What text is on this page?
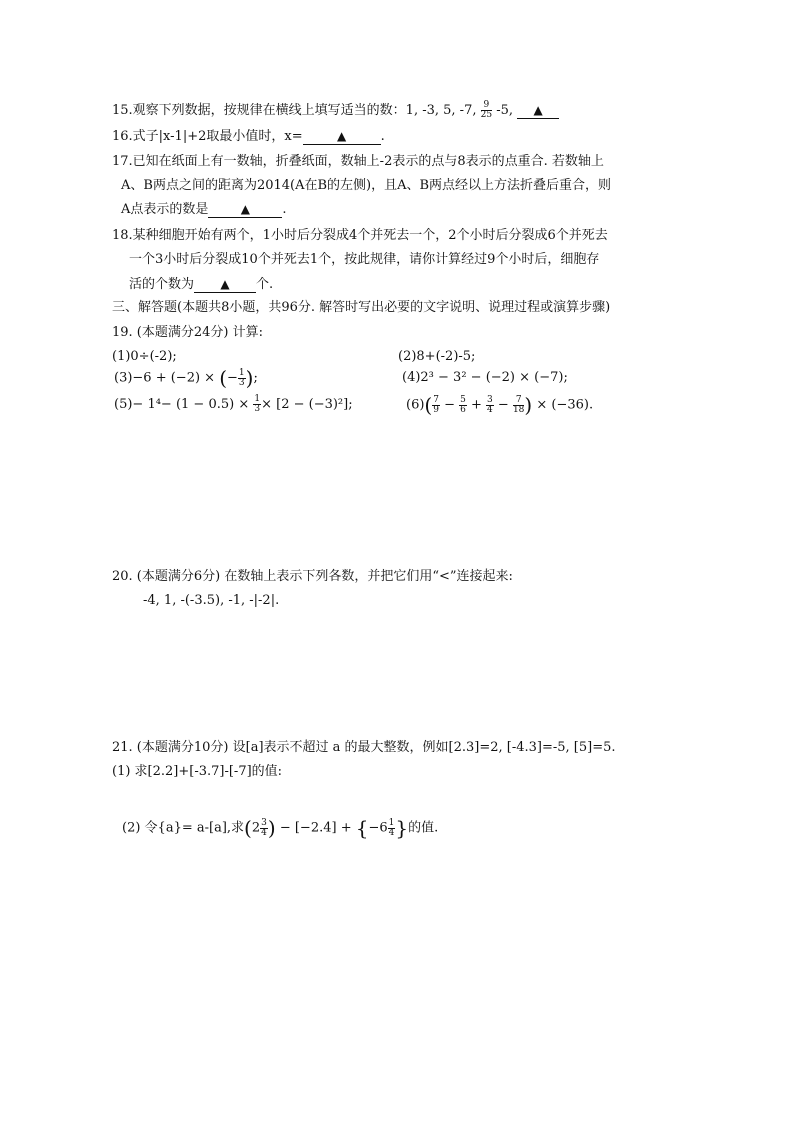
15.观察下列数据，按规律在横线上填写适当的数：1, -3, 5, -7, $\frac{9}{25} -5$, ▲
16.式子|x-1|+2取最小值时，x=	▲	.
17.已知在纸面上有一数轴，折叠纸面，数轴上-2表示的点与8表示的点重合. 若数轴上
A、B两点之间的距离为2014(A在B的左侧)，且A、B两点经以上方法折叠后重合，则
A点表示的数是	▲ .
18.某种细胞开始有两个，1小时后分裂成4个并死去一个，2个小时后分裂成6个并死去
一个3小时后分裂成10个并死去1个，按此规律，请你计算经过9个小时后，细胞存
活的个数为 ▲ 个.
三、解答题(本题共8小题，共96分. 解答时写出必要的文字说明、说理过程或演算步骤)
19. (本题满分24分) 计算:
(1)0÷(-2);	(2)8+(-2)-5;
(3)−6 + (−2) × (− $\frac{1}{3}$ );	(4)2³ − 3² − (−2) × (−7);
$(5)- 1^4- (1 - 0.5) \times \frac{1}{3} \times [2 - (-3)^2]$;	$(6)( \frac{7}{9} - \frac{5}{6} + \frac{3}{4} - \frac{7}{18}$ ) × (−36).
20. (本题满分6分) 在数轴上表示下列各数，并把它们用“<”连接起来:
-4, 1, -(-3.5), -1, -|-2|.
21. (本题满分10分) 设[a]表示不超过 a 的最大整数，例如[2.3]=2, [-4.3]=-5, [5]=5.
(1) 求[2.2]+[-3.7]-[-7]的值:
(2) 令{a}= a-[a],求($2 \frac{3}{4}$ ) − $[-2.4] + \{-6 \frac{1}{4}$ }的值.
